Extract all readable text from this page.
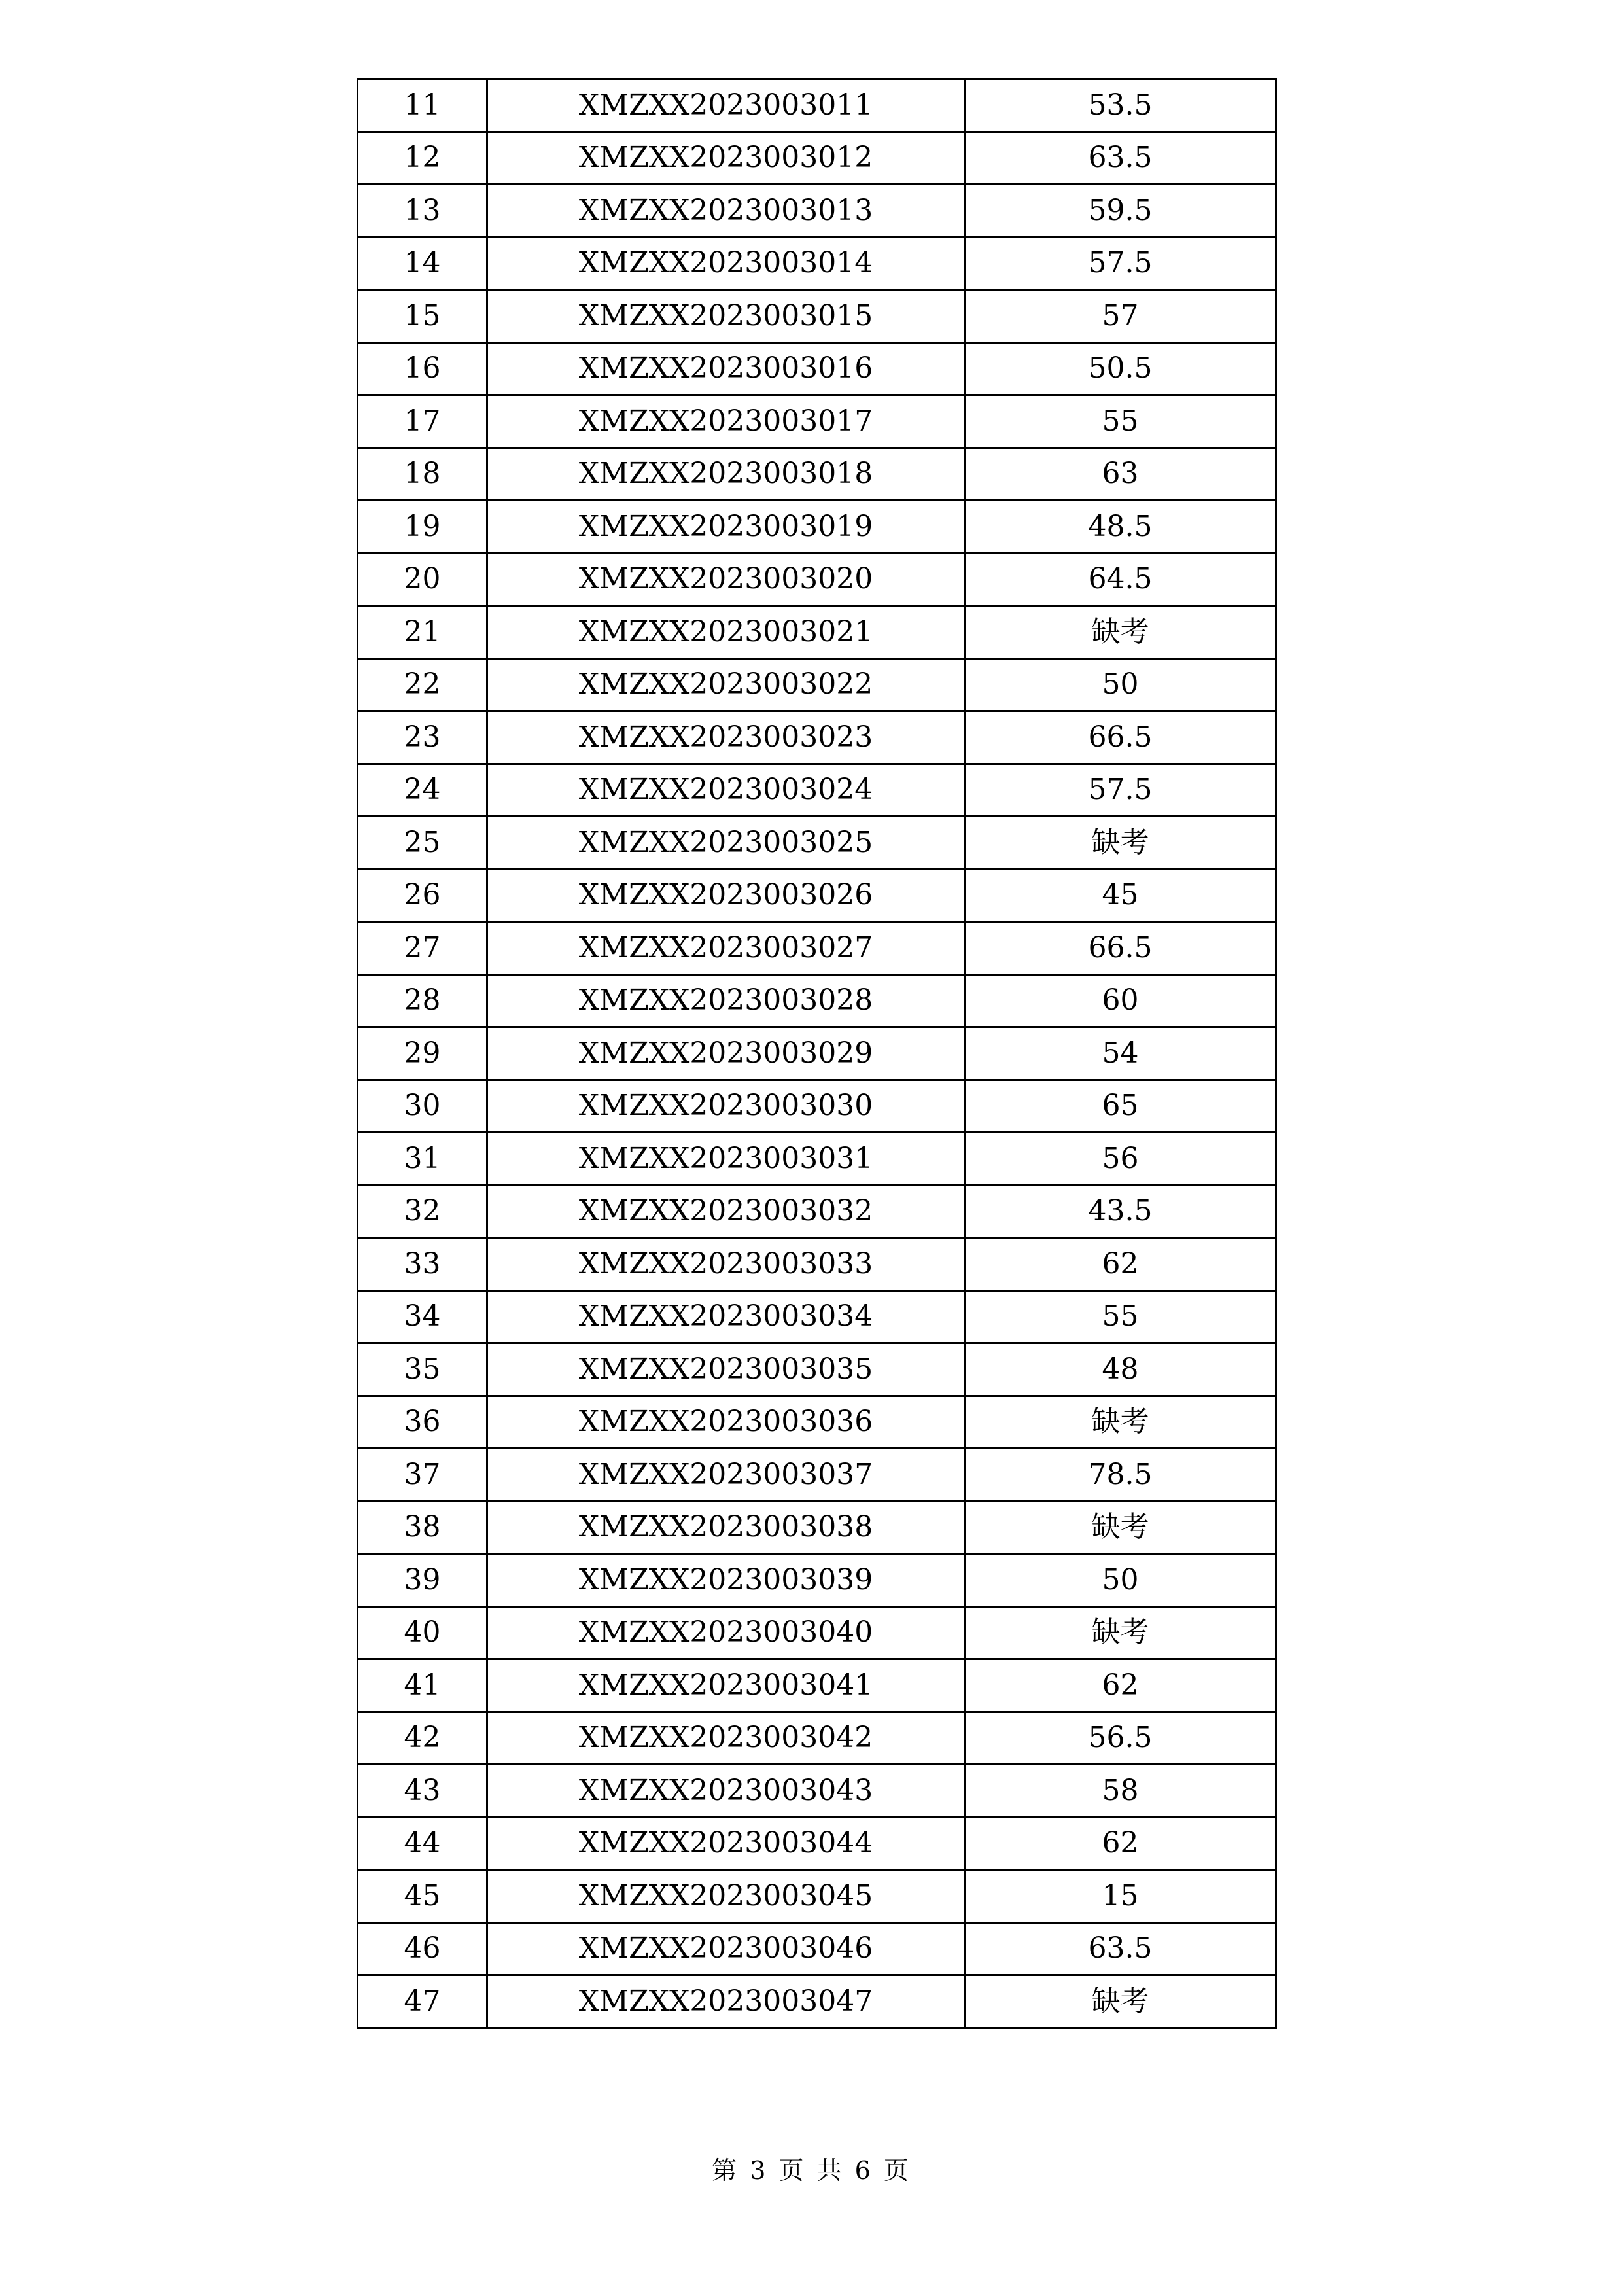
11	XMZXX2023003011	53.5
12	XMZXX2023003012	63.5
13	XMZXX2023003013	59.5
14	XMZXX2023003014	57.5
15	XMZXX2023003015	57
16	XMZXX2023003016	50.5
17	XMZXX2023003017	55
18	XMZXX2023003018	63
19	XMZXX2023003019	48.5
20	XMZXX2023003020	64.5
21	XMZXX2023003021	缺考
22	XMZXX2023003022	50
23	XMZXX2023003023	66.5
24	XMZXX2023003024	57.5
25	XMZXX2023003025	缺考
26	XMZXX2023003026	45
27	XMZXX2023003027	66.5
28	XMZXX2023003028	60
29	XMZXX2023003029	54
30	XMZXX2023003030	65
31	XMZXX2023003031	56
32	XMZXX2023003032	43.5
33	XMZXX2023003033	62
34	XMZXX2023003034	55
35	XMZXX2023003035	48
36	XMZXX2023003036	缺考
37	XMZXX2023003037	78.5
38	XMZXX2023003038	缺考
39	XMZXX2023003039	50
40	XMZXX2023003040	缺考
41	XMZXX2023003041	62
42	XMZXX2023003042	56.5
43	XMZXX2023003043	58
44	XMZXX2023003044	62
45	XMZXX2023003045	15
46	XMZXX2023003046	63.5
47	XMZXX2023003047	缺考
第 3 页 共 6 页
